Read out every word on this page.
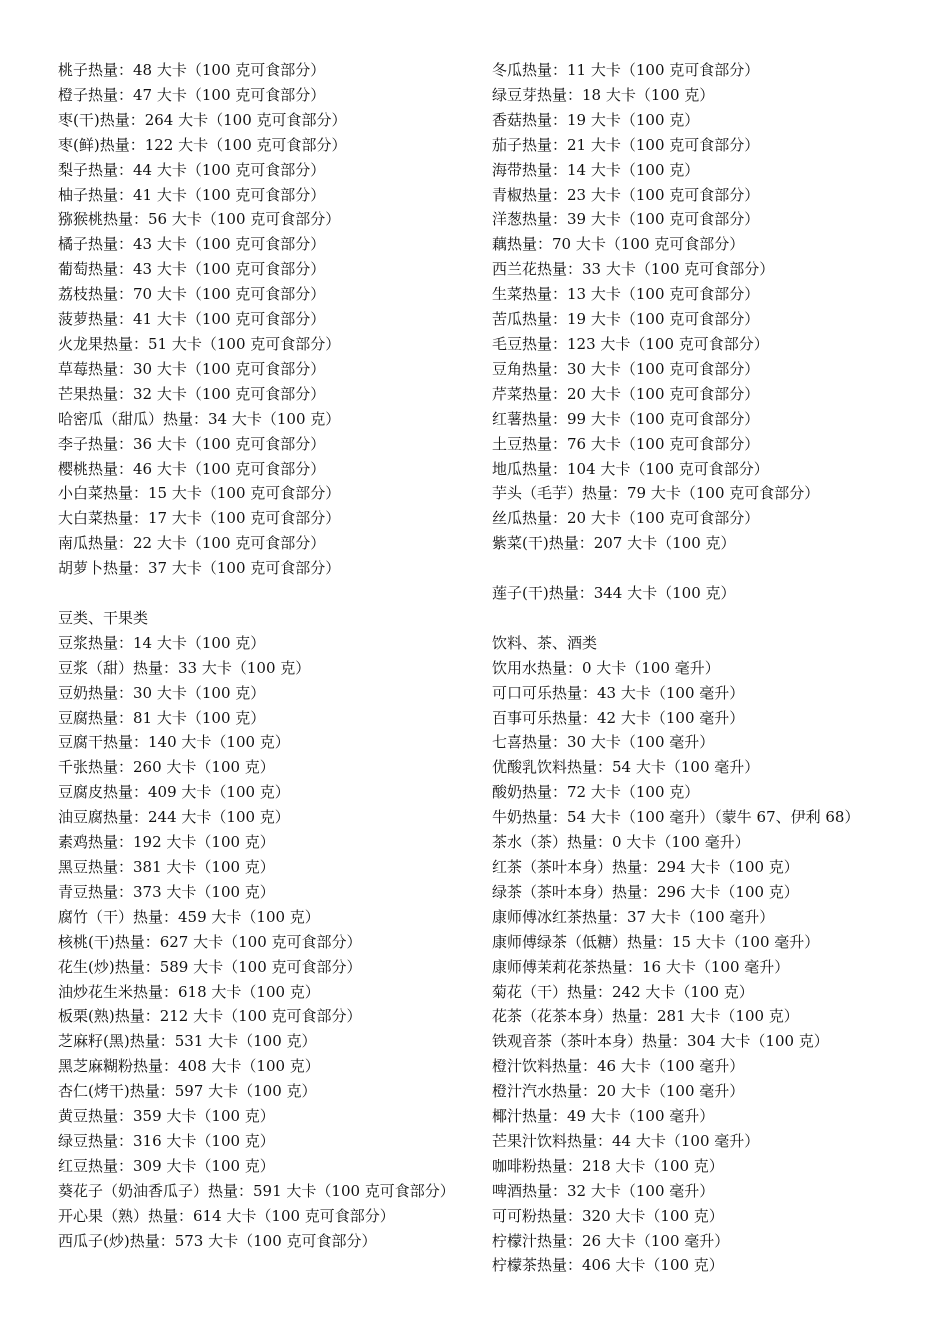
桃子热量：48 大卡（100 克可食部分）
橙子热量：47 大卡（100 克可食部分）
枣(干)热量：264 大卡（100 克可食部分）
枣(鲜)热量：122 大卡（100 克可食部分）
梨子热量：44 大卡（100 克可食部分）
柚子热量：41 大卡（100 克可食部分）
猕猴桃热量：56 大卡（100 克可食部分）
橘子热量：43 大卡（100 克可食部分）
葡萄热量：43 大卡（100 克可食部分）
荔枝热量：70 大卡（100 克可食部分）
菠萝热量：41 大卡（100 克可食部分）
火龙果热量：51 大卡（100 克可食部分）
草莓热量：30 大卡（100 克可食部分）
芒果热量：32 大卡（100 克可食部分）
哈密瓜（甜瓜）热量：34 大卡（100 克）
李子热量：36 大卡（100 克可食部分）
樱桃热量：46 大卡（100 克可食部分）
小白菜热量：15 大卡（100 克可食部分）
大白菜热量：17 大卡（100 克可食部分）
南瓜热量：22 大卡（100 克可食部分）
胡萝卜热量：37 大卡（100 克可食部分）
豆类、干果类
豆浆热量：14 大卡（100 克）
豆浆（甜）热量：33 大卡（100 克）
豆奶热量：30 大卡（100 克）
豆腐热量：81 大卡（100 克）
豆腐干热量：140 大卡（100 克）
千张热量：260 大卡（100 克）
豆腐皮热量：409 大卡（100 克）
油豆腐热量：244 大卡（100 克）
素鸡热量：192 大卡（100 克）
黑豆热量：381 大卡（100 克）
青豆热量：373 大卡（100 克）
腐竹（干）热量：459 大卡（100 克）
核桃(干)热量：627 大卡（100 克可食部分）
花生(炒)热量：589 大卡（100 克可食部分）
油炒花生米热量：618 大卡（100 克）
板栗(熟)热量：212 大卡（100 克可食部分）
芝麻籽(黑)热量：531 大卡（100 克）
黑芝麻糊粉热量：408 大卡（100 克）
杏仁(烤干)热量：597 大卡（100 克）
黄豆热量：359 大卡（100 克）
绿豆热量：316 大卡（100 克）
红豆热量：309 大卡（100 克）
葵花子（奶油香瓜子）热量：591 大卡（100 克可食部分）
开心果（熟）热量：614 大卡（100 克可食部分）
西瓜子(炒)热量：573 大卡（100 克可食部分）
冬瓜热量：11 大卡（100 克可食部分）
绿豆芽热量：18 大卡（100 克）
香菇热量：19 大卡（100 克）
茄子热量：21 大卡（100 克可食部分）
海带热量：14 大卡（100 克）
青椒热量：23 大卡（100 克可食部分）
洋葱热量：39 大卡（100 克可食部分）
藕热量：70 大卡（100 克可食部分）
西兰花热量：33 大卡（100 克可食部分）
生菜热量：13 大卡（100 克可食部分）
苦瓜热量：19 大卡（100 克可食部分）
毛豆热量：123 大卡（100 克可食部分）
豆角热量：30 大卡（100 克可食部分）
芹菜热量：20 大卡（100 克可食部分）
红薯热量：99 大卡（100 克可食部分）
土豆热量：76 大卡（100 克可食部分）
地瓜热量：104 大卡（100 克可食部分）
芋头（毛芋）热量：79 大卡（100 克可食部分）
丝瓜热量：20 大卡（100 克可食部分）
紫菜(干)热量：207 大卡（100 克）
莲子(干)热量：344 大卡（100 克）
饮料、茶、酒类
饮用水热量：0 大卡（100 毫升）
可口可乐热量：43 大卡（100 毫升）
百事可乐热量：42 大卡（100 毫升）
七喜热量：30 大卡（100 毫升）
优酸乳饮料热量：54 大卡（100 毫升）
酸奶热量：72 大卡（100 克）
牛奶热量：54 大卡（100 毫升）（蒙牛 67、伊利 68）
茶水（茶）热量：0 大卡（100 毫升）
红茶（茶叶本身）热量：294 大卡（100 克）
绿茶（茶叶本身）热量：296 大卡（100 克）
康师傅冰红茶热量：37 大卡（100 毫升）
康师傅绿茶（低糖）热量：15 大卡（100 毫升）
康师傅茉莉花茶热量：16 大卡（100 毫升）
菊花（干）热量：242 大卡（100 克）
花茶（花茶本身）热量：281 大卡（100 克）
铁观音茶（茶叶本身）热量：304 大卡（100 克）
橙汁饮料热量：46 大卡（100 毫升）
橙汁汽水热量：20 大卡（100 毫升）
椰汁热量：49 大卡（100 毫升）
芒果汁饮料热量：44 大卡（100 毫升）
咖啡粉热量：218 大卡（100 克）
啤酒热量：32 大卡（100 毫升）
可可粉热量：320 大卡（100 克）
柠檬汁热量：26 大卡（100 毫升）
柠檬茶热量：406 大卡（100 克）
